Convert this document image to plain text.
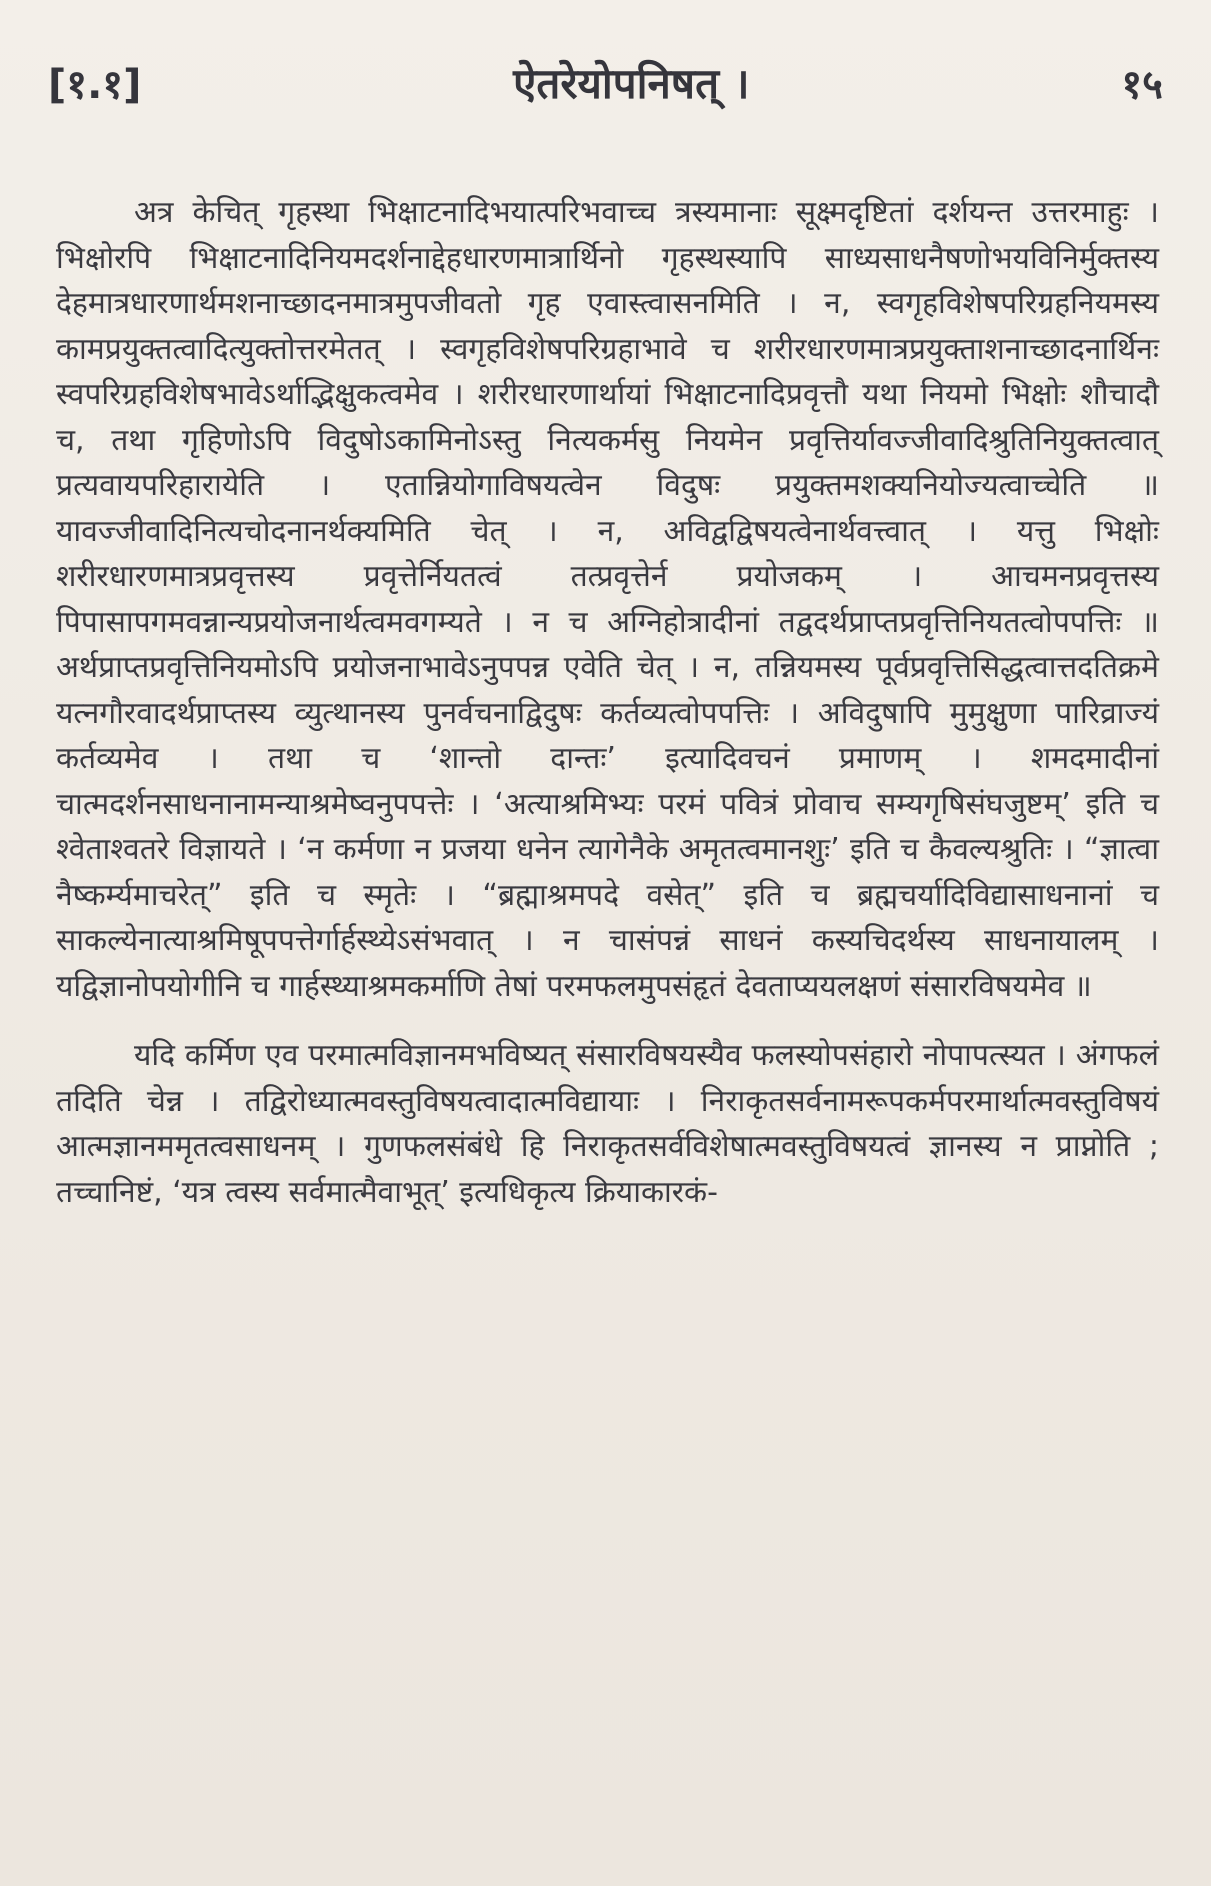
[१.१]	ऐतरेयोपनिषत् ।	१५

अत्र केचित् गृहस्था भिक्षाटनादिभयात्परिभवाच्च त्रस्यमानाः सूक्ष्मदृष्टितां दर्शयन्त उत्तरमाहुः । भिक्षोरपि भिक्षाटनादिनियमदर्शनाद्देहधारणमात्रार्थिनो गृहस्थस्यापि साध्यसाधनैषणोभयविनिर्मुक्तस्य देहमात्रधारणार्थमशनाच्छादनमात्रमुपजीवतो गृह एवास्त्वासनमिति । न, स्वगृहविशेषपरिग्रहनियमस्य कामप्रयुक्तत्वादित्युक्तोत्तरमेतत् । स्वगृहविशेषपरिग्रहाभावे च शरीरधारणमात्रप्रयुक्ताशनाच्छादनार्थिनः स्वपरिग्रहविशेषभावेऽर्थाद्भिक्षुकत्वमेव । शरीरधारणार्थायां भिक्षाटनादिप्रवृत्तौ यथा नियमो भिक्षोः शौचादौ च, तथा गृहिणोऽपि विदुषोऽकामिनोऽस्तु नित्यकर्मसु नियमेन प्रवृत्तिर्यावज्जीवादिश्रुतिनियुक्तत्वात् प्रत्यवायपरिहारायेति । एतान्नियोगाविषयत्वेन विदुषः प्रयुक्तमशक्यनियोज्यत्वाच्चेति ॥ यावज्जीवादिनित्यचोदनानर्थक्यमिति चेत् । न, अविद्वद्विषयत्वेनार्थवत्त्वात् । यत्तु भिक्षोः शरीरधारणमात्रप्रवृत्तस्य प्रवृत्तेर्नियतत्वं तत्प्रवृत्तेर्न प्रयोजकम् । आचमनप्रवृत्तस्य पिपासापगमवन्नान्यप्रयोजनार्थत्वमवगम्यते । न च अग्निहोत्रादीनां तद्वदर्थप्राप्तप्रवृत्तिनियतत्वोपपत्तिः ॥ अर्थप्राप्तप्रवृत्तिनियमोऽपि प्रयोजनाभावेऽनुपपन्न एवेति चेत् । न, तन्नियमस्य पूर्वप्रवृत्तिसिद्धत्वात्तदतिक्रमे यत्नगौरवादर्थप्राप्तस्य व्युत्थानस्य पुनर्वचनाद्विदुषः कर्तव्यत्वोपपत्तिः । अविदुषापि मुमुक्षुणा पारिव्राज्यं कर्तव्यमेव । तथा च ‘शान्तो दान्तः’ इत्यादिवचनं प्रमाणम् । शमदमादीनां चात्मदर्शनसाधनानामन्याश्रमेष्वनुपपत्तेः । ‘अत्याश्रमिभ्यः परमं पवित्रं प्रोवाच सम्यगृषिसंघजुष्टम्’ इति च श्वेताश्वतरे विज्ञायते । ‘न कर्मणा न प्रजया धनेन त्यागेनैके अमृतत्वमानशुः’ इति च कैवल्यश्रुतिः । “ज्ञात्वा नैष्कर्म्यमाचरेत्” इति च स्मृतेः । “ब्रह्माश्रमपदे वसेत्” इति च ब्रह्मचर्यादिविद्यासाधनानां च साकल्येनात्याश्रमिषूपपत्तेर्गार्हस्थ्येऽसंभवात् । न चासंपन्नं साधनं कस्यचिदर्थस्य साधनायालम् । यद्विज्ञानोपयोगीनि च गार्हस्थ्याश्रमकर्माणि तेषां परमफलमुपसंहृतं देवताप्ययलक्षणं संसारविषयमेव ॥

यदि कर्मिण एव परमात्मविज्ञानमभविष्यत् संसारविषयस्यैव फलस्योपसंहारो नोपापत्स्यत । अंगफलं तदिति चेन्न । तद्विरोध्यात्मवस्तुविषयत्वादात्मविद्यायाः । निराकृतसर्वनामरूपकर्मपरमार्थात्मवस्तुविषयं आत्मज्ञानममृतत्वसाधनम् । गुणफलसंबंधे हि निराकृतसर्वविशेषात्मवस्तुविषयत्वं ज्ञानस्य न प्राप्नोति ; तच्चानिष्टं, ‘यत्र त्वस्य सर्वमात्मैवाभूत्’ इत्यधिकृत्य क्रियाकारकं-
